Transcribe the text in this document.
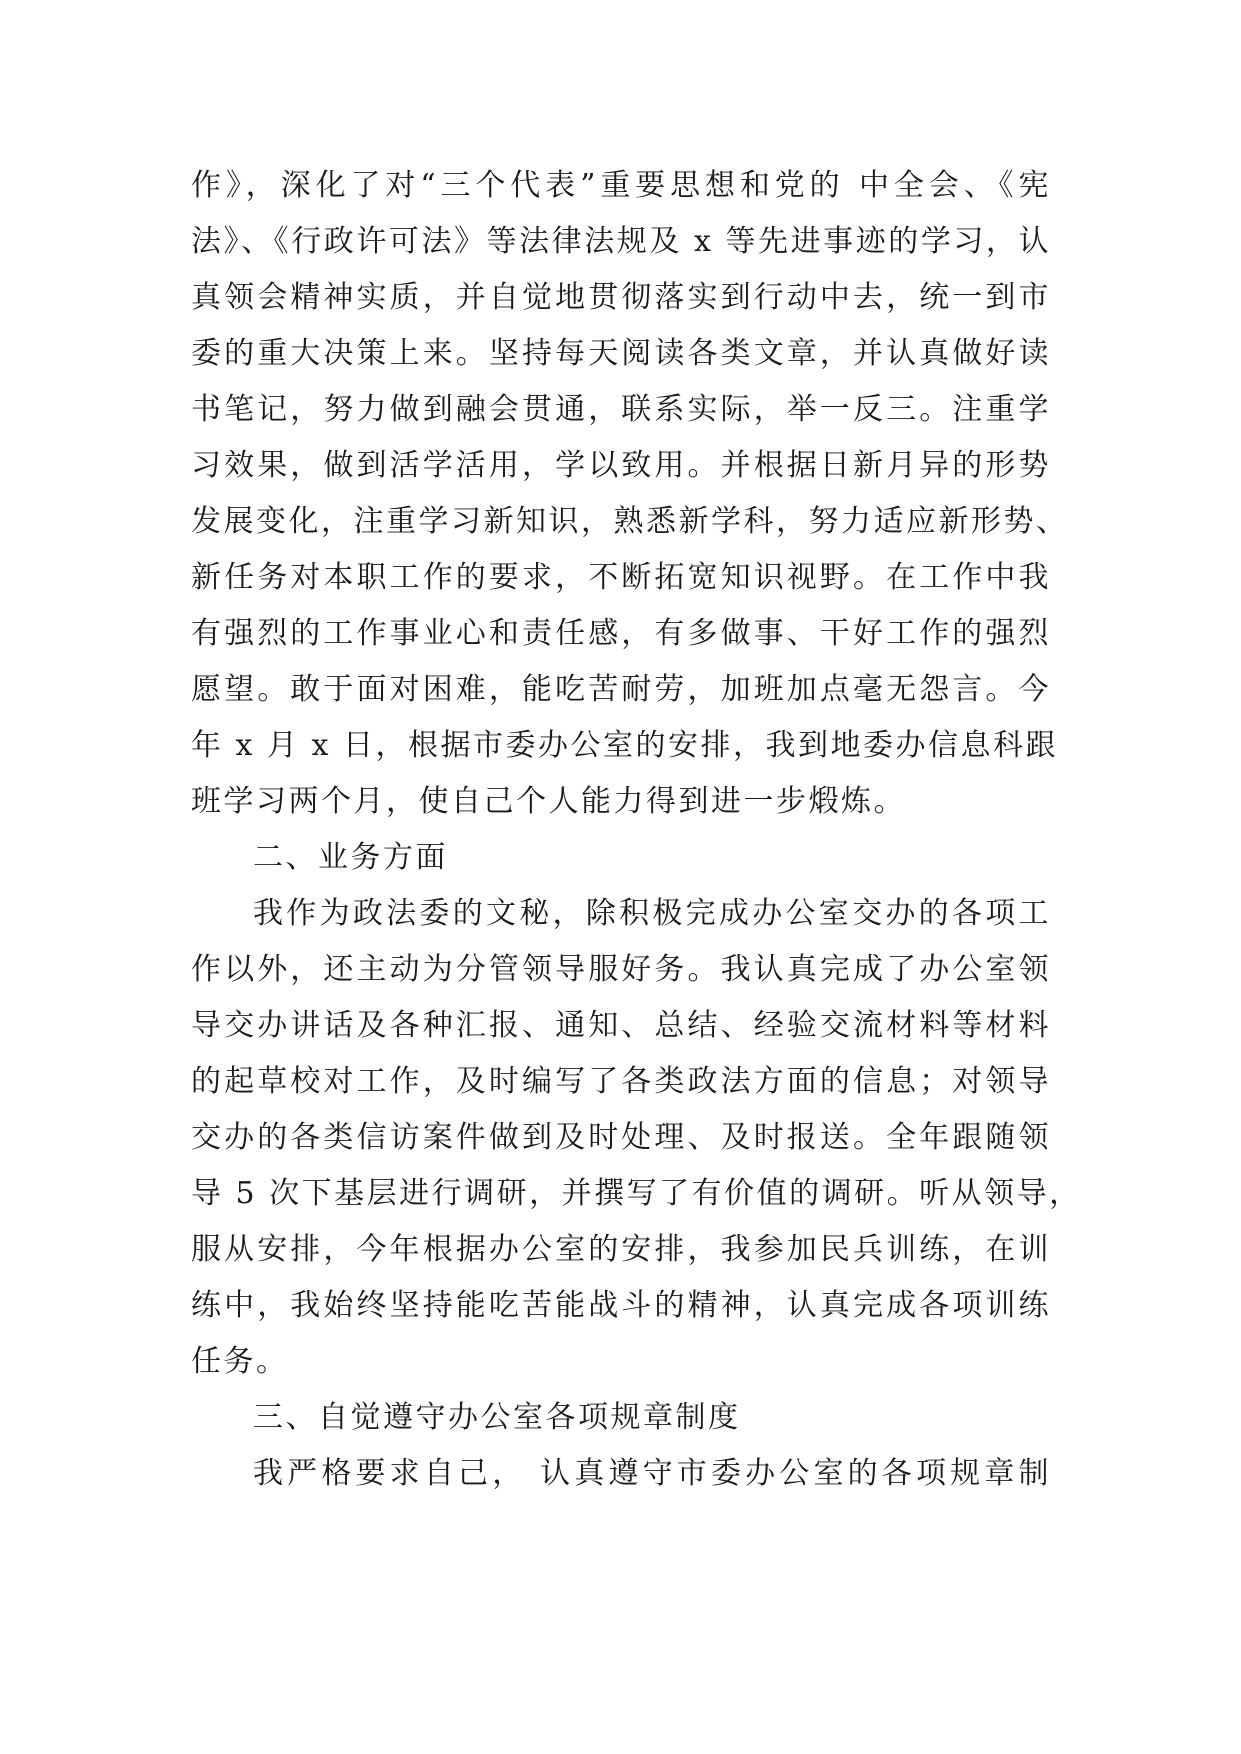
作》，深化了对“三个代表”重要思想和党的 中全会、《宪
法》、《行政许可法》等法律法规及 x 等先进事迹的学习，认
真领会精神实质，并自觉地贯彻落实到行动中去，统一到市
委的重大决策上来。坚持每天阅读各类文章，并认真做好读
书笔记，努力做到融会贯通，联系实际，举一反三。注重学
习效果，做到活学活用，学以致用。并根据日新月异的形势
发展变化，注重学习新知识，熟悉新学科，努力适应新形势、
新任务对本职工作的要求，不断拓宽知识视野。在工作中我
有强烈的工作事业心和责任感，有多做事、干好工作的强烈
愿望。敢于面对困难，能吃苦耐劳，加班加点毫无怨言。今
年 x 月 x 日，根据市委办公室的安排，我到地委办信息科跟
班学习两个月，使自己个人能力得到进一步煅炼。
二、业务方面
我作为政法委的文秘，除积极完成办公室交办的各项工
作以外，还主动为分管领导服好务。我认真完成了办公室领
导交办讲话及各种汇报、通知、总结、经验交流材料等材料
的起草校对工作，及时编写了各类政法方面的信息；对领导
交办的各类信访案件做到及时处理、及时报送。全年跟随领
导 5 次下基层进行调研，并撰写了有价值的调研。听从领导，
服从安排，今年根据办公室的安排，我参加民兵训练，在训
练中，我始终坚持能吃苦能战斗的精神，认真完成各项训练
任务。
三、自觉遵守办公室各项规章制度
我严格要求自己， 认真遵守市委办公室的各项规章制
